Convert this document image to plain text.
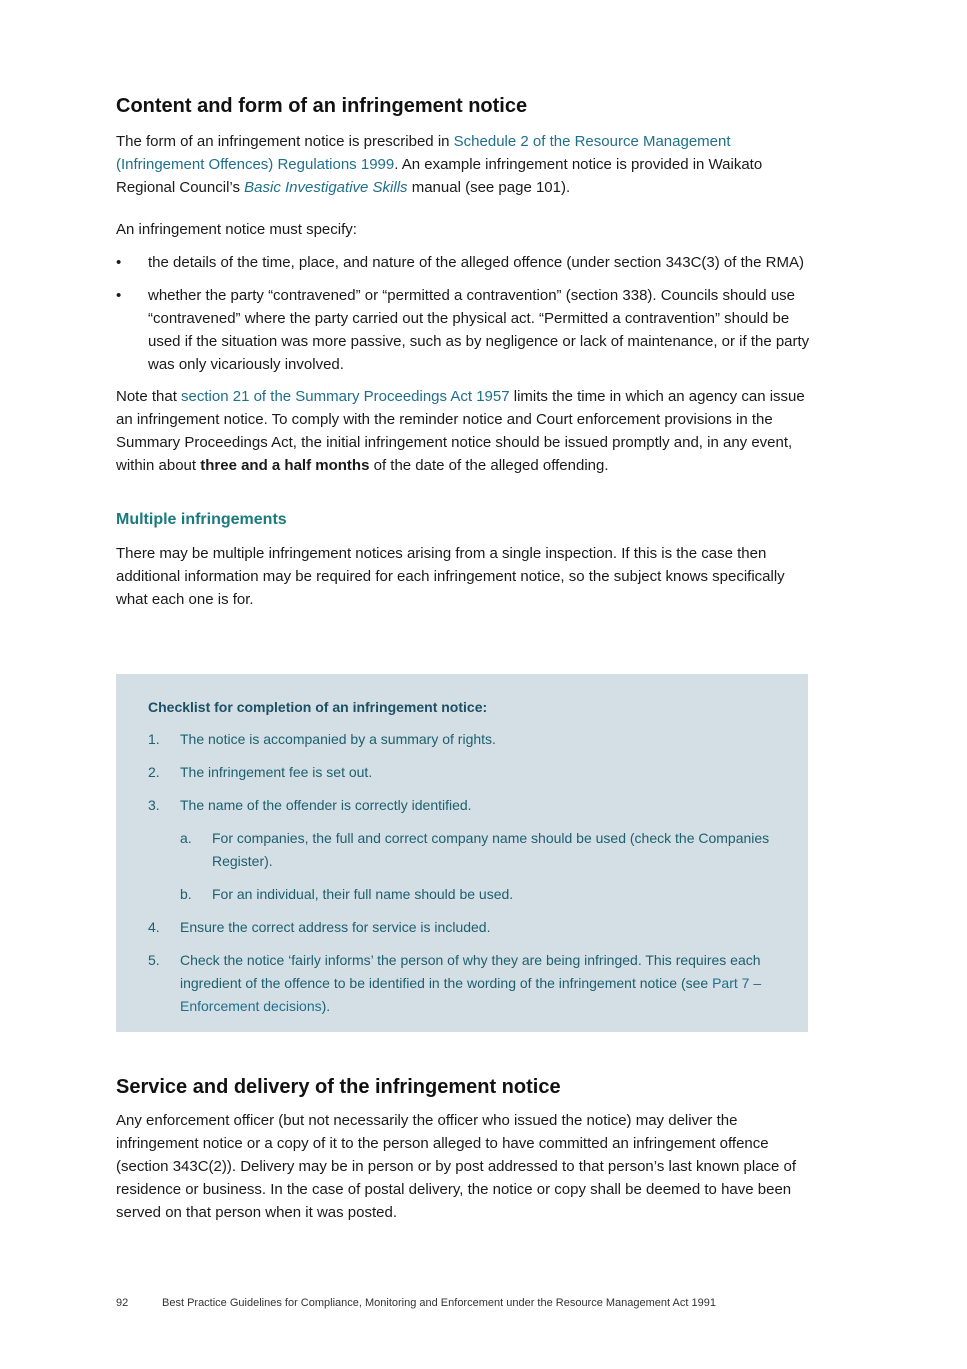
Content and form of an infringement notice

The form of an infringement notice is prescribed in Schedule 2 of the Resource Management (Infringement Offences) Regulations 1999. An example infringement notice is provided in Waikato Regional Council’s Basic Investigative Skills manual (see page 101).

An infringement notice must specify:

• the details of the time, place, and nature of the alleged offence (under section 343C(3) of the RMA)
• whether the party “contravened” or “permitted a contravention” (section 338). Councils should use “contravened” where the party carried out the physical act. “Permitted a contravention” should be used if the situation was more passive, such as by negligence or lack of maintenance, or if the party was only vicariously involved.

Note that section 21 of the Summary Proceedings Act 1957 limits the time in which an agency can issue an infringement notice. To comply with the reminder notice and Court enforcement provisions in the Summary Proceedings Act, the initial infringement notice should be issued promptly and, in any event, within about three and a half months of the date of the alleged offending.

Multiple infringements

There may be multiple infringement notices arising from a single inspection. If this is the case then additional information may be required for each infringement notice, so the subject knows specifically what each one is for.

Checklist for completion of an infringement notice:
1. The notice is accompanied by a summary of rights.
2. The infringement fee is set out.
3. The name of the offender is correctly identified.
a. For companies, the full and correct company name should be used (check the Companies Register).
b. For an individual, their full name should be used.
4. Ensure the correct address for service is included.
5. Check the notice ‘fairly informs’ the person of why they are being infringed. This requires each ingredient of the offence to be identified in the wording of the infringement notice (see Part 7 – Enforcement decisions).
Service and delivery of the infringement notice

Any enforcement officer (but not necessarily the officer who issued the notice) may deliver the infringement notice or a copy of it to the person alleged to have committed an infringement offence (section 343C(2)). Delivery may be in person or by post addressed to that person’s last known place of residence or business. In the case of postal delivery, the notice or copy shall be deemed to have been served on that person when it was posted.

92	Best Practice Guidelines for Compliance, Monitoring and Enforcement under the Resource Management Act 1991
